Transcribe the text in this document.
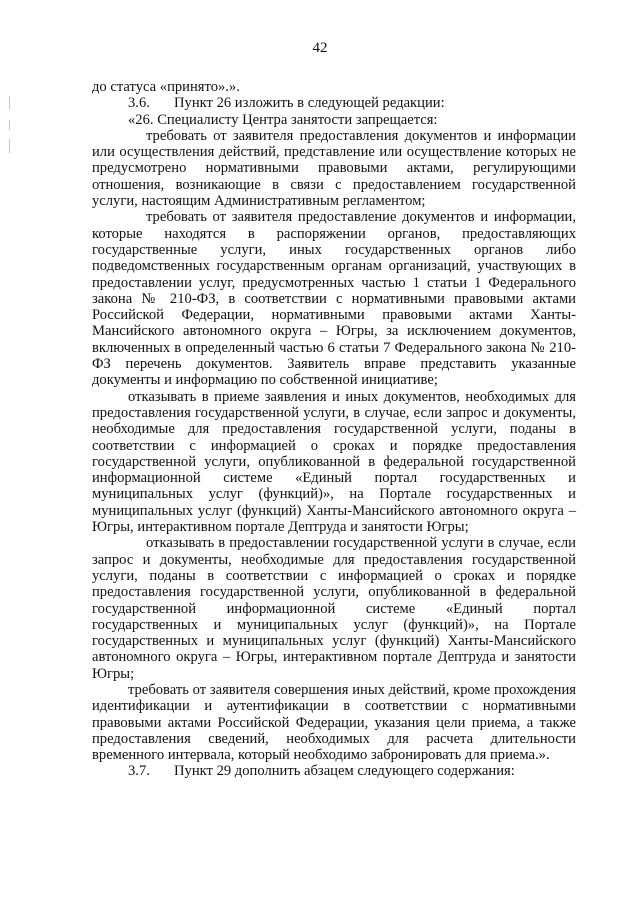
42

до статуса «принято».».

3.6.	Пункт 26 изложить в следующей редакции:

«26. Специалисту Центра занятости запрещается:

требовать от заявителя предоставления документов и информации или осуществления действий, представление или осуществление которых не предусмотрено нормативными правовыми актами, регулирующими отношения, возникающие в связи с предоставлением государственной услуги, настоящим Административным регламентом;

требовать от заявителя предоставление документов и информации, которые находятся в распоряжении органов, предоставляющих государственные услуги, иных государственных органов либо подведомственных государственным органам организаций, участвующих в предоставлении услуг, предусмотренных частью 1 статьи 1 Федерального закона № 210-ФЗ, в соответствии с нормативными правовыми актами Российской Федерации, нормативными правовыми актами Ханты-Мансийского автономного округа – Югры, за исключением документов, включенных в определенный частью 6 статьи 7 Федерального закона № 210-ФЗ перечень документов. Заявитель вправе представить указанные документы и информацию по собственной инициативе;

отказывать в приеме заявления и иных документов, необходимых для предоставления государственной услуги, в случае, если запрос и документы, необходимые для предоставления государственной услуги, поданы в соответствии с информацией о сроках и порядке предоставления государственной услуги, опубликованной в федеральной государственной информационной системе «Единый портал государственных и муниципальных услуг (функций)», на Портале государственных и муниципальных услуг (функций) Ханты-Мансийского автономного округа – Югры, интерактивном портале Дептруда и занятости Югры;

отказывать в предоставлении государственной услуги в случае, если запрос и документы, необходимые для предоставления государственной услуги, поданы в соответствии с информацией о сроках и порядке предоставления государственной услуги, опубликованной в федеральной государственной информационной системе «Единый портал государственных и муниципальных услуг (функций)», на Портале государственных и муниципальных услуг (функций) Ханты-Мансийского автономного округа – Югры, интерактивном портале Дептруда и занятости Югры;

требовать от заявителя совершения иных действий, кроме прохождения идентификации и аутентификации в соответствии с нормативными правовыми актами Российской Федерации, указания цели приема, а также предоставления сведений, необходимых для расчета длительности временного интервала, который необходимо забронировать для приема.».

3.7.	Пункт 29 дополнить абзацем следующего содержания:
